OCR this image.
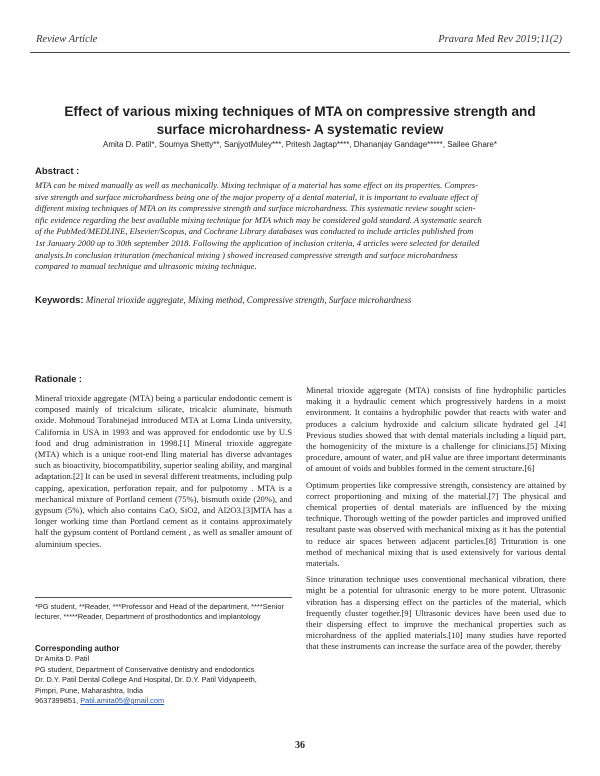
Review Article	Pravara Med Rev 2019;11(2)
Effect of various mixing techniques of MTA on compressive strength and
surface microhardness- A systematic review
Amita D. Patil*, Soumya Shetty**, SanjyotMuley***, Pritesh Jagtap****, Dhananjay Gandage*****, Sailee Ghare*
Abstract :
MTA can be mixed manually as well as mechanically. Mixing technique of a material has some effect on its properties. Compres-
sive strength and surface microhardness being one of the major property of a dental material, it is important to evaluate effect of
different mixing techniques of MTA on its compressive strength and surface microhardness. This systematic review sought scien-
tific evidence regarding the best available mixing technique for MTA which may be considered gold standard. A systematic search
of the PubMed/MEDLINE, Elsevier/Scopus, and Cochrane Library databases was conducted to include articles published from
1st January 2000 up to 30th september 2018. Following the application of inclusion criteria, 4 articles were selected for detailed
analysis.In conclusion trituration (mechanical mixing ) showed increased compressive strength and surface microhardness
compared to manual technique and ultrasonic mixing technique.
Keywords: Mineral trioxide aggregate, Mixing method, Compressive strength, Surface microhardness
Rationale :

Mineral trioxide aggregate (MTA) being a particular endodontic cement is composed mainly of tricalcium silicate, tricalcic aluminate, bismuth oxide. Mohmoud Torabinejad introduced MTA at Loma Linda university, California in USA in 1993 and was approved for endodontic use by U.S food and drug administration in 1998.[1] Mineral trioxide aggregate (MTA) which is a unique root-end lling material has diverse advantages such as bioactivity, biocompatibility, superior sealing ability, and marginal adaptation.[2] It can be used in several different treatments, including pulp capping, apexication, perforation repair, and for pulpotomy . MTA is a mechanical mixture of Portland cement (75%), bismuth oxide (20%), and gypsum (5%), which also contains CaO, SiO2, and Al2O3.[3]MTA has a longer working time than Portland cement as it contains approximately half the gypsum content of Portland cement , as well as smaller amount of aluminium species.

Mineral trioxide aggregate (MTA) consists of fine hydrophilic particles making it a hydraulic cement which progressively hardens in a moist environment. It contains a hydrophilic powder that reacts with water and produces a calcium hydroxide and calcium silicate hydrated gel .[4] Previous studies showed that with dental materials including a liquid part, the homogenicity of the mixture is a challenge for clinicians.[5] Mixing procedure, amount of water, and pH value are three important determinants of amount of voids and bubbles formed in the cement structure.[6]

Optimum properties like compressive strength, consistency are attained by correct proportioning and mixing of the material.[7] The physical and chemical properties of dental materials are influenced by the mixing technique. Thorough wetting of the powder particles and improved unified resultant paste was observed with mechanical mixing as it has the potential to reduce air spaces between adjacent particles.[8] Trituration is one method of mechanical mixing that is used extensively for various dental materials.

Since trituration technique uses conventional mechanical vibration, there might be a potential for ultrasonic energy to be more potent. Ultrasonic vibration has a dispersing effect on the particles of the material, which frequently cluster together.[9] Ultrasonic devices have been used due to their dispersing effect to improve the mechanical properties such as microhardness of the applied materials.[10] many studies have reported that these instruments can increase the surface area of the powder, thereby

*PG student, **Reader, ***Professor and Head of the department, ****Senior lecturer, *****Reader, Department of prosthodontics and implantology
Corresponding author
Dr Amita D. Patil
PG student, Department of Conservative dentistry and endodontics
Dr. D.Y. Patil Dental College And Hospital, Dr. D.Y. Patil Vidyapeeth,
Pimpri, Pune, Maharashtra, India
9637399851, Patil.amita05@gmail.com
36
